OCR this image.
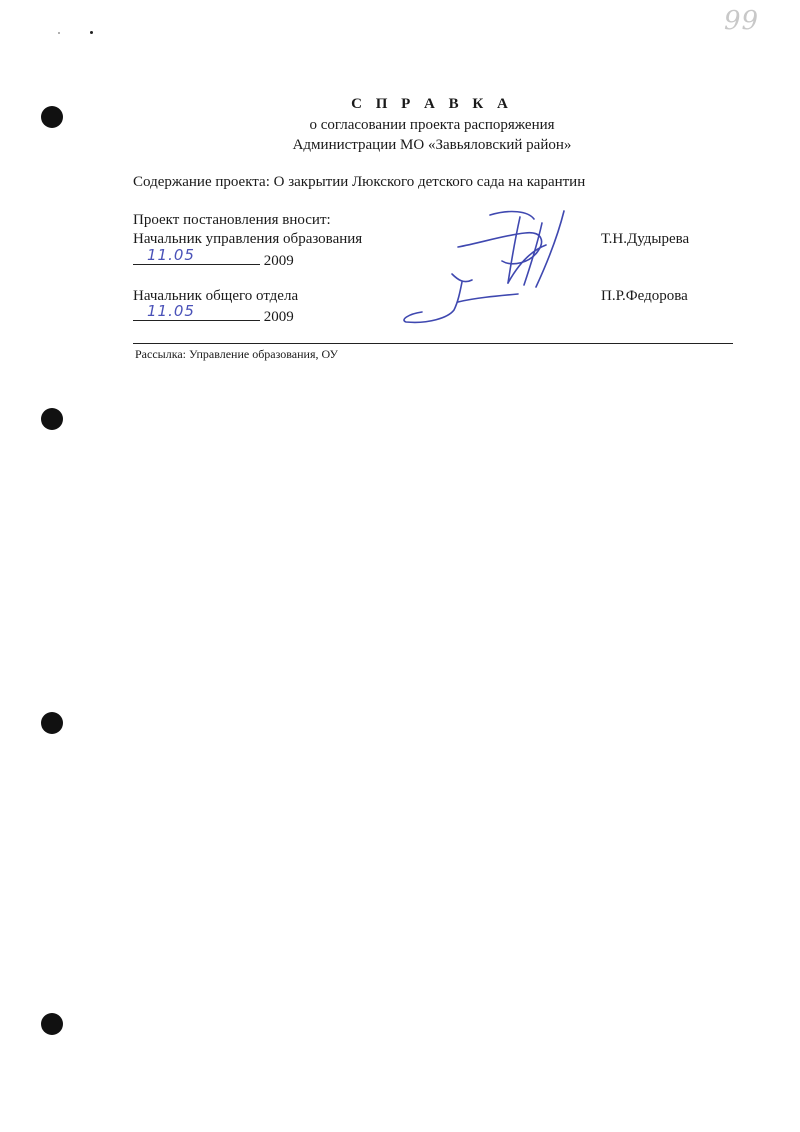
99
С П Р А В К А
о согласовании проекта распоряжения
Администрации МО «Завьяловский район»
Содержание проекта: О закрытии Люкского детского сада на карантин
Проект постановления вносит:
Начальник управления образования
11.05	2009
Т.Н.Дудырева
Начальник общего отдела
11.05	2009
П.Р.Федорова
Рассылка: Управление образования, ОУ
